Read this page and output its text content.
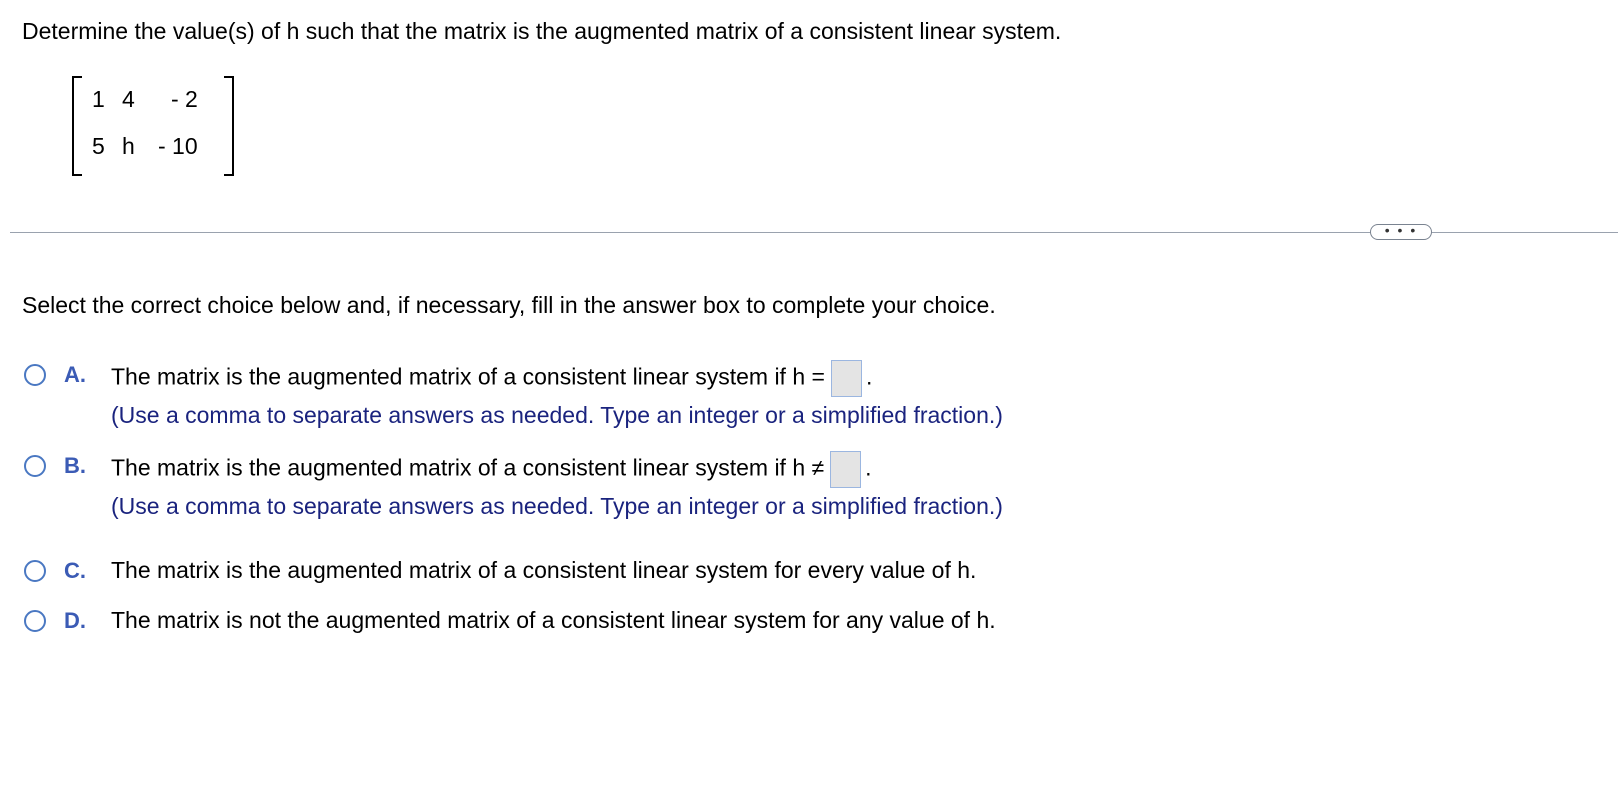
Determine the value(s) of h such that the matrix is the augmented matrix of a consistent linear system.
1 4 - 2
5 h - 10
• • •
Select the correct choice below and, if necessary, fill in the answer box to complete your choice.
A. The matrix is the augmented matrix of a consistent linear system if h = .
(Use a comma to separate answers as needed. Type an integer or a simplified fraction.)
B. The matrix is the augmented matrix of a consistent linear system if h ≠ .
(Use a comma to separate answers as needed. Type an integer or a simplified fraction.)
C. The matrix is the augmented matrix of a consistent linear system for every value of h.
D. The matrix is not the augmented matrix of a consistent linear system for any value of h.
